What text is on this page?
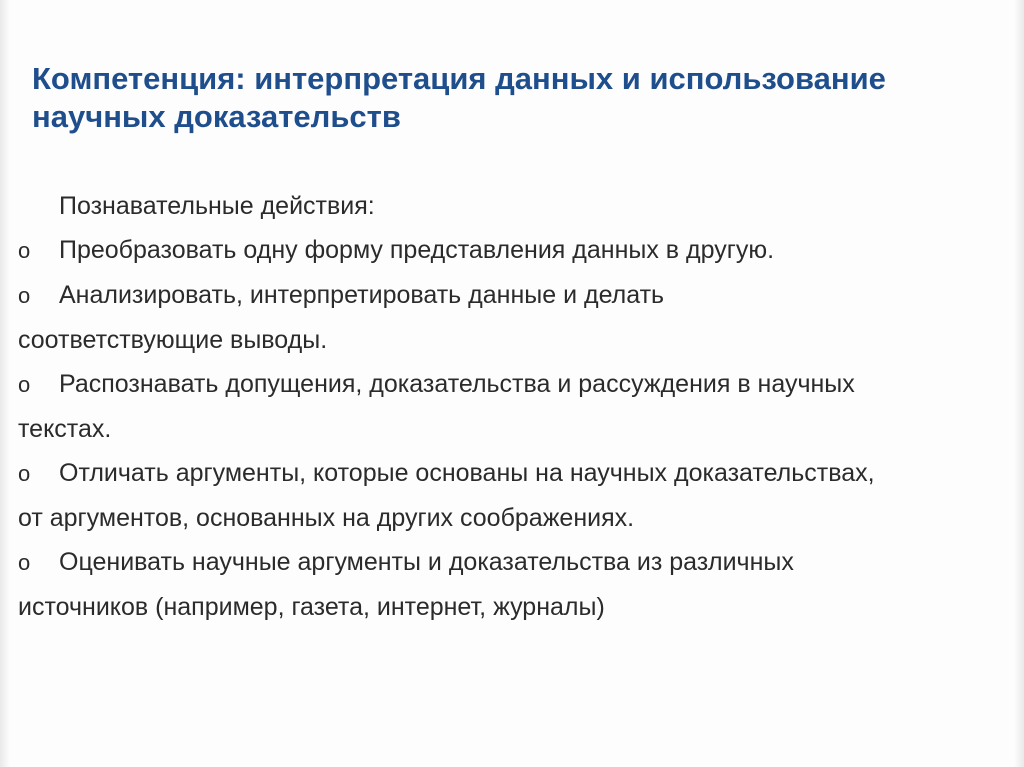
Компетенция: интерпретация данных и использование
научных доказательств
Познавательные действия:
o Преобразовать одну форму представления данных в другую.
o Анализировать, интерпретировать данные и делать
соответствующие выводы.
o Распознавать допущения, доказательства и рассуждения в научных
текстах.
o Отличать аргументы, которые основаны на научных доказательствах,
от аргументов, основанных на других соображениях.
o Оценивать научные аргументы и доказательства из различных
источников (например, газета, интернет, журналы)
